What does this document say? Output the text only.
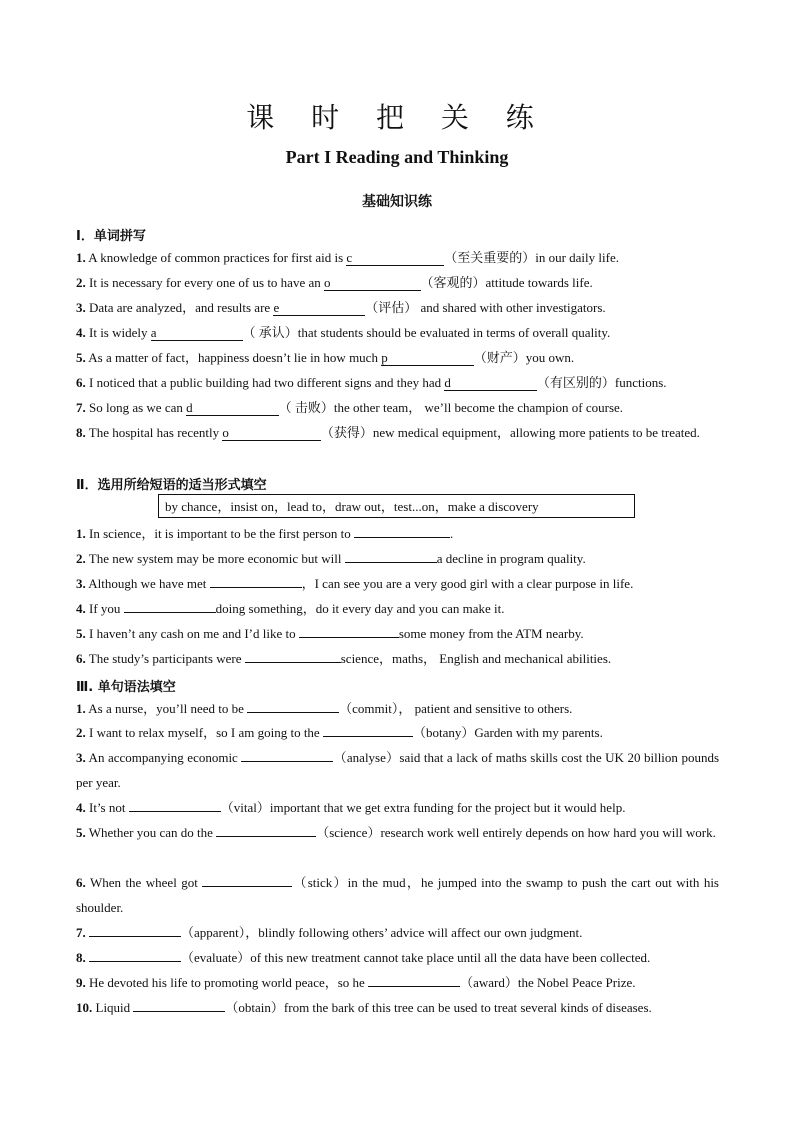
课 时 把 关 练
Part I Reading and Thinking
基础知识练
Ⅰ．单词拼写
1. A knowledge of common practices for first aid is c	（至关重要的）in our daily life.
2. It is necessary for every one of us to have an o	（客观的）attitude towards life.
3. Data are analyzed，and results are e	（评估） and shared with other investigators.
4. It is widely a	（ 承认）that students should be evaluated in terms of overall quality.
5. As a matter of fact，happiness doesn’t lie in how much p	（财产）you own.
6. I noticed that a public building had two different signs and they had d	（有区别的）functions.
7. So long as we can d	（ 击败）the other team， we’ll become the champion of course.
8. The hospital has recently o	（获得）new medical equipment，allowing more patients to be treated.
Ⅱ．选用所给短语的适当形式填空
by chance，insist on，lead to，draw out，test...on，make a discovery
1. In science，it is important to be the first person to	.
2. The new system may be more economic but will	a decline in program quality.
3. Although we have met	，I can see you are a very good girl with a clear purpose in life.
4. If you	doing something，do it every day and you can make it.
5. I haven’t any cash on me and I’d like to	some money from the ATM nearby.
6. The study’s participants were	science，maths， English and mechanical abilities.
Ⅲ. 单句语法填空
1. As a nurse，you’ll need to be	（commit）， patient and sensitive to others.
2. I want to relax myself，so I am going to the	（botany）Garden with my parents.
3. An accompanying economic	（analyse）said that a lack of maths skills cost the UK 20 billion pounds per year.
4. It’s not	（vital）important that we get extra funding for the project but it would help.
5. Whether you can do the	（science）research work well entirely depends on how hard you will work.
6. When the wheel got	（stick）in the mud，he jumped into the swamp to push the cart out with his shoulder.
7.	（apparent），blindly following others’ advice will affect our own judgment.
8.	（evaluate）of this new treatment cannot take place until all the data have been collected.
9. He devoted his life to promoting world peace，so he	（award）the Nobel Peace Prize.
10. Liquid	（obtain）from the bark of this tree can be used to treat several kinds of diseases.
